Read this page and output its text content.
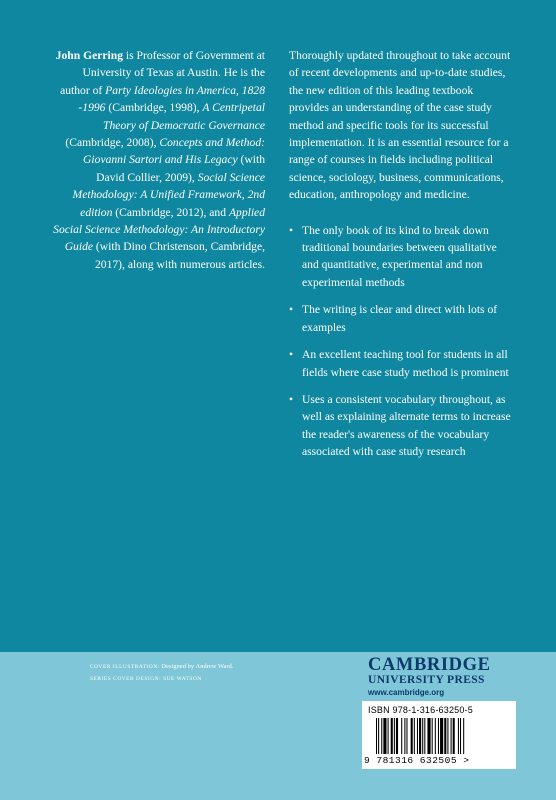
John Gerring is Professor of Government at University of Texas at Austin. He is the author of Party Ideologies in America, 1828 -1996 (Cambridge, 1998), A Centripetal Theory of Democratic Governance (Cambridge, 2008), Concepts and Method: Giovanni Sartori and His Legacy (with David Collier, 2009), Social Science Methodology: A Unified Framework, 2nd edition (Cambridge, 2012), and Applied Social Science Methodology: An Introductory Guide (with Dino Christenson, Cambridge, 2017), along with numerous articles.

Thoroughly updated throughout to take account of recent developments and up-to-date studies, the new edition of this leading textbook provides an understanding of the case study method and specific tools for its successful implementation. It is an essential resource for a range of courses in fields including political science, sociology, business, communications, education, anthropology and medicine.

• The only book of its kind to break down traditional boundaries between qualitative and quantitative, experimental and non experimental methods
• The writing is clear and direct with lots of examples
• An excellent teaching tool for students in all fields where case study method is prominent
• Uses a consistent vocabulary throughout, as well as explaining alternate terms to increase the reader's awareness of the vocabulary associated with case study research
COVER ILLUSTRATION: Designed by Andrew Ward.
SERIES COVER DESIGN: SUE WATSON
CAMBRIDGE
UNIVERSITY PRESS
www.cambridge.org
ISBN 978-1-316-63250-5
9 781316 632505 >
